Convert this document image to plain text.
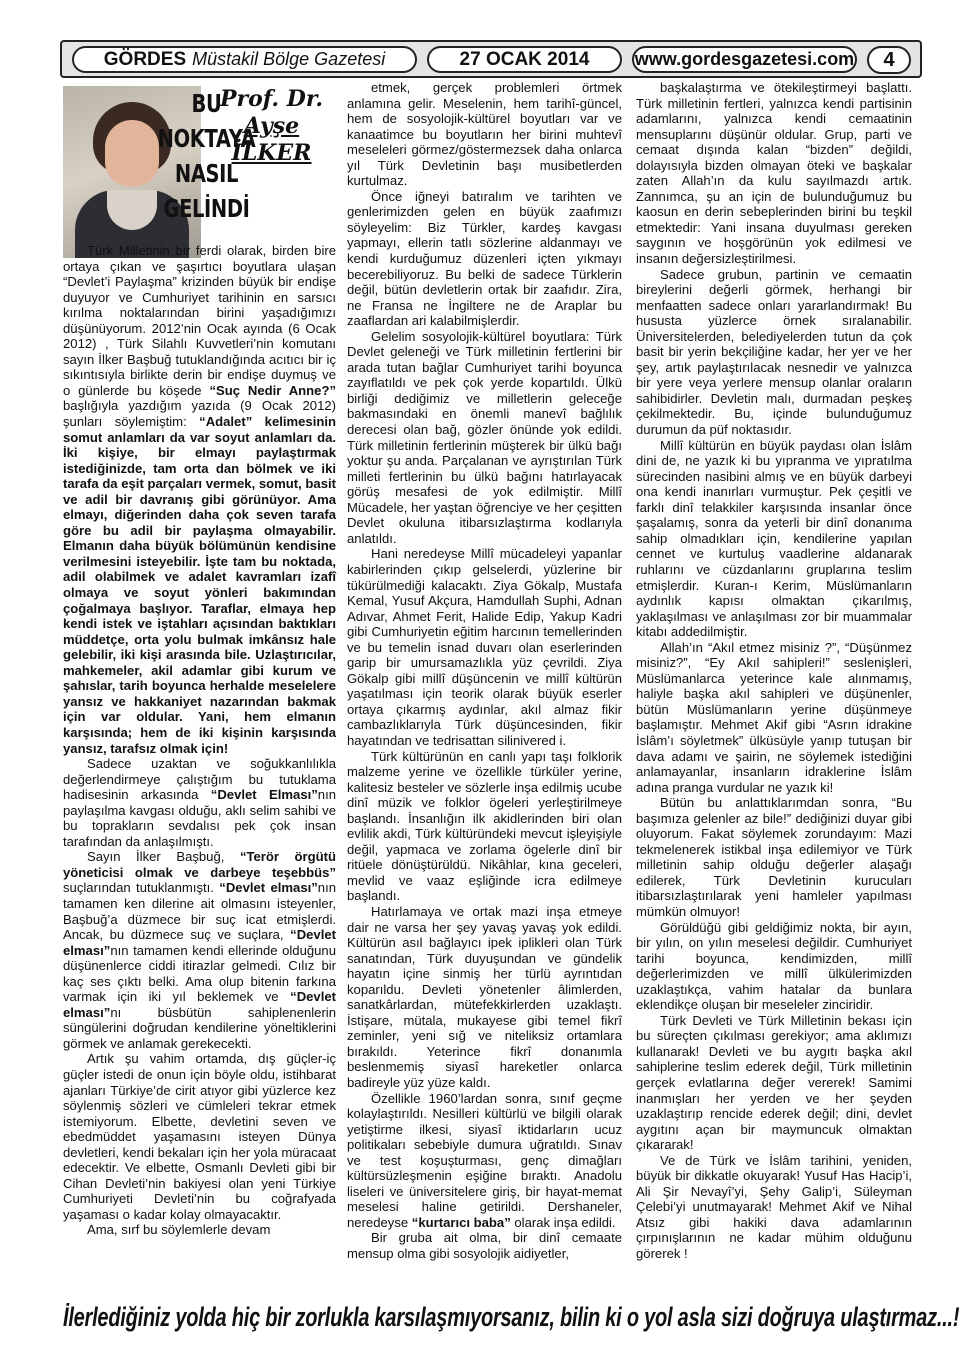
GÖRDES Müstakil Bölge Gazetesi	27 OCAK 2014	www.gordesgazetesi.com	4
Prof. Dr.
Ayşe
İLKER
BU NOKTAYA NASIL GELİNDİ

Türk Milletinin bir ferdi olarak, birden bire ortaya çıkan ve şaşırtıcı boyutlara ulaşan “Devlet’i Paylaşma” krizinden büyük bir endişe duyuyor ve Cumhuriyet tarihinin en sarsıcı kırılma noktalarından birini yaşadığımızı düşünüyorum. 2012’nin Ocak ayında (6 Ocak 2012) , Türk Silahlı Kuvvetleri’nin komutanı sayın İlker Başbuğ tutuklandığında acıtıcı bir iç sıkıntısıyla birlikte derin bir endişe duymuş ve o günlerde bu köşede “Suç Nedir Anne?” başlığıyla yazdığım yazıda (9 Ocak 2012) şunları söylemiştim: “Adalet” kelimesinin somut anlamları da var soyut anlamları da. İki kişiye, bir elmayı paylaştırmak istediğinizde, tam orta dan bölmek ve iki tarafa da eşit parçaları vermek, somut, basit ve adil bir davranış gibi görünüyor. Ama elmayı, diğerinden daha çok seven tarafa göre bu adil bir paylaşma olmayabilir. Elmanın daha büyük bölümünün kendisine verilmesini isteyebilir. İşte tam bu noktada, adil olabilmek ve adalet kavramları izafî olmaya ve soyut yönleri bakımından çoğalmaya başlıyor. Taraflar, elmaya hep kendi istek ve iştahları açısından baktıkları müddetçe, orta yolu bulmak imkânsız hale gelebilir, iki kişi arasında bile. Uzlaştırıcılar, mahkemeler, akil adamlar gibi kurum ve şahıslar, tarih boyunca herhalde meselelere yansız ve hakkaniyet nazarından bakmak için var oldular. Yani, hem elmanın karşısında; hem de iki kişinin karşısında yansız, tarafsız olmak için!

Sadece uzaktan ve soğukkanlılıkla değerlendirmeye çalıştığım bu tutuklama hadisesinin arkasında “Devlet Elması”nın paylaşılma kavgası olduğu, aklı selim sahibi ve bu toprakların sevdalısı pek çok insan tarafından da anlaşılmıştı.

Sayın İlker Başbuğ, “Terör örgütü yöneticisi olmak ve darbeye teşebbüs” suçlarından tutuklanmıştı. “Devlet elması”nın tamamen ken dilerine ait olmasını isteyenler, Başbuğ’a düzmece bir suç icat etmişlerdi. Ancak, bu düzmece suç ve suçlara, “Devlet elması”nın tamamen kendi ellerinde olduğunu düşünenlerce ciddi itirazlar gelmedi. Cılız bir kaç ses çıktı belki. Ama olup bitenin farkına varmak için iki yıl beklemek ve “Devlet elması”nı büsbütün sahiplenenlerin süngülerini doğrudan kendilerine yöneltiklerini görmek ve anlamak gerekecekti.

Artık şu vahim ortamda, dış güçler-iç güçler istedi de onun için böyle oldu, istihbarat ajanları Türkiye’de cirit atıyor gibi yüzlerce kez söylenmiş sözleri ve cümleleri tekrar etmek istemiyorum. Elbette, devletini seven ve ebedmüddet yaşamasını isteyen Dünya devletleri, kendi bekaları için her yola müracaat edecektir. Ve elbette, Osmanlı Devleti gibi bir Cihan Devleti’nin bakiyesi olan yeni Türkiye Cumhuriyeti Devleti’nin bu coğrafyada yaşaması o kadar kolay olmayacaktır.

Ama, sırf bu söylemlerle devam

etmek, gerçek problemleri örtmek anlamına gelir. Meselenin, hem tarihî-güncel, hem de sosyolojik-kültürel boyutları var ve kanaatimce bu boyutların her birini muhtevî meseleleri görmez/göstermezsek daha onlarca yıl Türk Devletinin başı musibetlerden kurtulmaz.

Önce iğneyi batıralım ve tarihten ve genlerimizden gelen en büyük zaafımızı söyleyelim: Biz Türkler, kardeş kavgası yapmayı, ellerin tatlı sözlerine aldanmayı ve kendi kurduğumuz düzenleri içten yıkmayı becerebiliyoruz. Bu belki de sadece Türklerin değil, bütün devletlerin ortak bir zaafıdır. Zira, ne Fransa ne İngiltere ne de Araplar bu zaaflardan ari kalabilmişlerdir.

Gelelim sosyolojik-kültürel boyutlara: Türk Devlet geleneği ve Türk milletinin fertlerini bir arada tutan bağlar Cumhuriyet tarihi boyunca zayıflatıldı ve pek çok yerde kopartıldı. Ülkü birliği dediğimiz ve milletlerin geleceğe bakmasındaki en önemli manevî bağlılık derecesi olan bağ, gözler önünde yok edildi. Türk milletinin fertlerinin müşterek bir ülkü bağı yoktur şu anda. Parçalanan ve ayrıştırılan Türk milleti fertlerinin bu ülkü bağını hatırlayacak görüş mesafesi de yok edilmiştir. Millî Mücadele, her yaştan öğrenciye ve her çeşitten Devlet okuluna itibarsızlaştırma kodlarıyla anlatıldı.

Hani neredeyse Millî mücadeleyi yapanlar kabirlerinden çıkıp gelselerdi, yüzlerine bir tükürülmediği kalacaktı. Ziya Gökalp, Mustafa Kemal, Yusuf Akçura, Hamdullah Suphi, Adnan Adıvar, Ahmet Ferit, Halide Edip, Yakup Kadri gibi Cumhuriyetin eğitim harcının temellerinden ve bu temelin isnad duvarı olan eserlerinden garip bir umursamazlıkla yüz çevrildi. Ziya Gökalp gibi millî düşüncenin ve millî kültürün yaşatılması için teorik olarak büyük eserler ortaya çıkarmış aydınlar, akıl almaz fikir cambazlıklarıyla Türk düşüncesinden, fikir hayatından ve tedrisattan silinivered i.

Türk kültürünün en canlı yapı taşı folklorik malzeme yerine ve özellikle türküler yerine, kalitesiz besteler ve sözlerle inşa edilmiş ucube dinî müzik ve folklor ögeleri yerleştirilmeye başlandı. İnsanlığın ilk akidlerinden biri olan evlilik akdi, Türk kültüründeki mevcut işleyişiyle değil, yapmaca ve zorlama ögelerle dinî bir ritüele dönüştürüldü. Nikâhlar, kına geceleri, mevlid ve vaaz eşliğinde icra edilmeye başlandı.

Hatırlamaya ve ortak mazi inşa etmeye dair ne varsa her şey yavaş yavaş yok edildi. Kültürün asıl bağlayıcı ipek iplikleri olan Türk sanatından, Türk duyuşundan ve gündelik hayatın içine sinmiş her türlü ayrıntıdan koparıldu. Devleti yönetenler âlimlerden, sanatkârlardan, mütefekkirlerden uzaklaştı. İstişare, mütala, mukayese gibi temel fikrî zeminler, yeni sığ ve niteliksiz ortamlara bırakıldı. Yeterince fikrî donanımla beslenmemiş siyasî hareketler onlarca badireyle yüz yüze kaldı.

Özellikle 1960’lardan sonra, sınıf geçme kolaylaştırıldı. Nesilleri kültürlü ve bilgili olarak yetiştirme ilkesi, siyasî iktidarların ucuz politikaları sebebiyle dumura uğratıldı. Sınav ve test koşuşturması, genç dimağları kültürsüzleşmenin eşiğine bıraktı. Anadolu liseleri ve üniversitelere giriş, bir hayat-memat meselesi haline getirildi. Dershaneler, neredeyse “kurtarıcı baba” olarak inşa edildi.

Bir gruba ait olma, bir dinî cemaate mensup olma gibi sosyolojik aidiyetler,

başkalaştırma ve ötekileştirmeyi başlattı. Türk milletinin fertleri, yalnızca kendi partisinin adamlarını, yalnızca kendi cemaatinin mensuplarını düşünür oldular. Grup, parti ve cemaat dışında kalan “bizden” değildi, dolayısıyla bizden olmayan öteki ve başkalar zaten Allah’ın da kulu sayılmazdı artık. Zannımca, şu an için de bulunduğumuz bu kaosun en derin sebeplerinden birini bu teşkil etmektedir: Yani insana duyulması gereken saygının ve hoşgörünün yok edilmesi ve insanın değersizleştirilmesi.

Sadece grubun, partinin ve cemaatin bireylerini değerli görmek, herhangi bir menfaatten sadece onları yararlandırmak! Bu hususta yüzlerce örnek sıralanabilir. Üniversitelerden, belediyelerden tutun da çok basit bir yerin bekçiliğine kadar, her yer ve her şey, artık paylaştırılacak nesnedir ve yalnızca bir yere veya yerlere mensup olanlar oraların sahibidirler. Devletin malı, durmadan peşkeş çekilmektedir. Bu, içinde bulunduğumuz durumun da püf noktasıdır.

Millî kültürün en büyük paydası olan İslâm dini de, ne yazık ki bu yıpranma ve yıpratılma sürecinden nasibini almış ve en büyük darbeyi ona kendi inanırları vurmuştur. Pek çeşitli ve farklı dinî telakkiler karşısında insanlar önce şaşalamış, sonra da yeterli bir dinî donanıma sahip olmadıkları için, kendilerine yapılan cennet ve kurtuluş vaadlerine aldanarak ruhlarını ve cüzdanlarını gruplarına teslim etmişlerdir. Kuran-ı Kerim, Müslümanların aydınlık kapısı olmaktan çıkarılmış, yaklaşılması ve anlaşılması zor bir muammalar kitabı addedilmiştir.

Allah’ın “Akıl etmez misiniz ?”, “Düşünmez misiniz?”, “Ey Akıl sahipleri!” seslenişleri, Müslümanlarca yeterince kale alınmamış, haliyle başka akıl sahipleri ve düşünenler, bütün Müslümanların yerine düşünmeye başlamıştır. Mehmet Akif gibi “Asrın idrakine İslâm’ı söyletmek” ülküsüyle yanıp tutuşan bir dava adamı ve şairin, ne söylemek istediğini anlamayanlar, insanların idraklerine İslâm adına pranga vurdular ne yazık ki!

Bütün bu anlattıklarımdan sonra, “Bu başımıza gelenler az bile!” dediğinizi duyar gibi oluyorum. Fakat söylemek zorundayım: Mazi tekmelenerek istikbal inşa edilemiyor ve Türk milletinin sahip olduğu değerler alaşağı edilerek, Türk Devletinin kurucuları itibarsızlaştırılarak yeni hamleler yapılması mümkün olmuyor!

Görüldüğü gibi geldiğimiz nokta, bir ayın, bir yılın, on yılın meselesi değildir. Cumhuriyet tarihi boyunca, kendimizden, millî değerlerimizden ve millî ülkülerimizden uzaklaştıkça, vahim hatalar da bunlara eklendikçe oluşan bir meseleler zinciridir.

Türk Devleti ve Türk Milletinin bekası için bu süreçten çıkılması gerekiyor; ama aklımızı kullanarak! Devleti ve bu aygıtı başka akıl sahiplerine teslim ederek değil, Türk milletinin gerçek evlatlarına değer vererek! Samimi inanmışları her yerden ve her şeyden uzaklaştırıp rencide ederek değil; dini, devlet aygıtını açan bir maymuncuk olmaktan çıkararak!

Ve de Türk ve İslâm tarihini, yeniden, büyük bir dikkatle okuyarak! Yusuf Has Hacip’i, Ali Şir Nevayî’yi, Şehy Galip’i, Süleyman Çelebi’yi unutmayarak! Mehmet Akif ve Nihal Atsız gibi hakiki dava adamlarının çırpınışlarının ne kadar mühim olduğunu görerek !

İlerlediğiniz yolda hiç bir zorlukla karsılaşmıyorsanız, bilin ki o yol asla sizi doğruya ulaştırmaz...!
